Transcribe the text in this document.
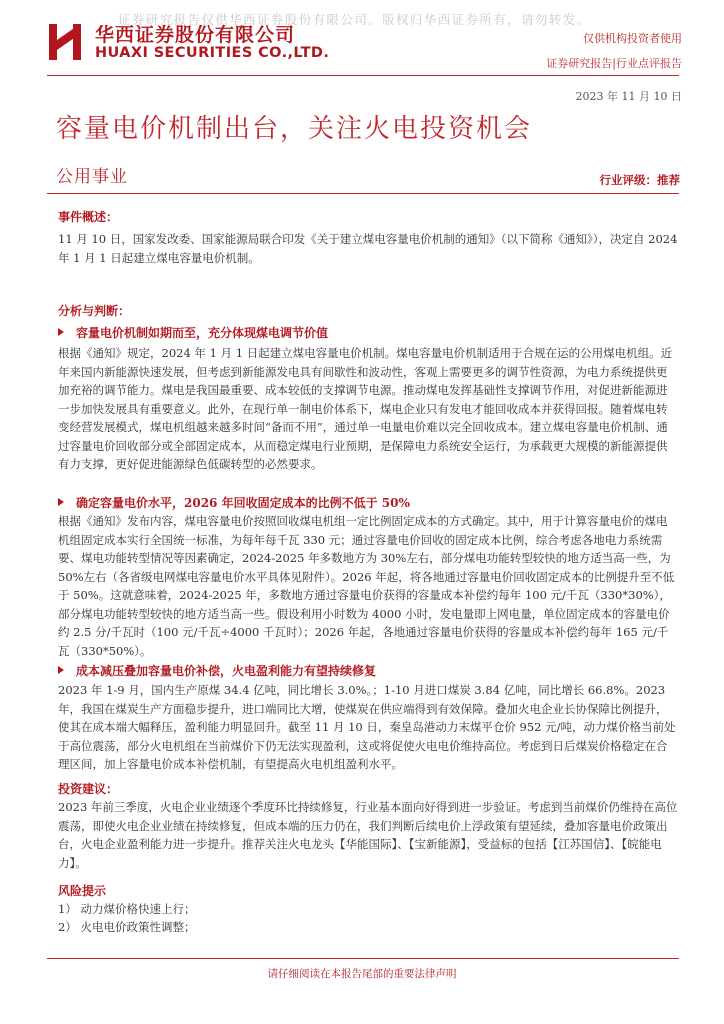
证券研究报告仅供华西证券股份有限公司。版权归华西证券所有，请勿转发。
华西证券股份有限公司
HUAXI SECURITIES CO.,LTD.
仅供机构投资者使用
证券研究报告|行业点评报告
2023 年 11 月 10 日
容量电价机制出台，关注火电投资机会
公用事业	行业评级：推荐
事件概述：
11 月 10 日，国家发改委、国家能源局联合印发《关于建立煤电容量电价机制的通知》（以下简称《通知》），决定自 2024 年 1 月 1 日起建立煤电容量电价机制。
分析与判断：
容量电价机制如期而至，充分体现煤电调节价值
根据《通知》规定，2024 年 1 月 1 日起建立煤电容量电价机制。煤电容量电价机制适用于合规在运的公用煤电机组。近年来国内新能源快速发展，但考虑到新能源发电具有间歇性和波动性，客观上需要更多的调节性资源，为电力系统提供更加充裕的调节能力。煤电是我国最重要、成本较低的支撑调节电源。推动煤电发挥基础性支撑调节作用，对促进新能源进一步加快发展具有重要意义。此外，在现行单一制电价体系下，煤电企业只有发电才能回收成本并获得回报。随着煤电转变经营发展模式，煤电机组越来越多时间“备而不用”，通过单一电量电价难以完全回收成本。建立煤电容量电价机制、通过容量电价回收部分或全部固定成本，从而稳定煤电行业预期，是保障电力系统安全运行，为承载更大规模的新能源提供有力支撑，更好促进能源绿色低碳转型的必然要求。
确定容量电价水平，2026 年回收固定成本的比例不低于 50%
根据《通知》发布内容，煤电容量电价按照回收煤电机组一定比例固定成本的方式确定。其中，用于计算容量电价的煤电机组固定成本实行全国统一标准，为每年每千瓦 330 元；通过容量电价回收的固定成本比例，综合考虑各地电力系统需要、煤电功能转型情况等因素确定，2024-2025 年多数地方为 30%左右，部分煤电功能转型较快的地方适当高一些，为 50%左右（各省级电网煤电容量电价水平具体见附件）。2026 年起，将各地通过容量电价回收固定成本的比例提升至不低于 50%。这就意味着，2024-2025 年，多数地方通过容量电价获得的容量成本补偿约每年 100 元/千瓦（330*30%），部分煤电功能转型较快的地方适当高一些。假设利用小时数为 4000 小时，发电量即上网电量，单位固定成本的容量电价约 2.5 分/千瓦时（100 元/千瓦÷4000 千瓦时）；2026 年起，各地通过容量电价获得的容量成本补偿约每年 165 元/千瓦（330*50%）。
成本减压叠加容量电价补偿，火电盈利能力有望持续修复
2023 年 1-9 月，国内生产原煤 34.4 亿吨，同比增长 3.0%。；1-10 月进口煤炭 3.84 亿吨，同比增长 66.8%。2023 年，我国在煤炭生产方面稳步提升，进口端同比大增，使煤炭在供应端得到有效保障。叠加火电企业长协保障比例提升，使其在成本端大幅释压，盈利能力明显回升。截至 11 月 10 日，秦皇岛港动力末煤平仓价 952 元/吨，动力煤价格当前处于高位震荡，部分火电机组在当前煤价下仍无法实现盈利，这或将促使火电电价维持高位。考虑到日后煤炭价格稳定在合理区间，加上容量电价成本补偿机制，有望提高火电机组盈利水平。
投资建议：
2023 年前三季度，火电企业业绩逐个季度环比持续修复，行业基本面向好得到进一步验证。考虑到当前煤价仍维持在高位震荡，即使火电企业业绩在持续修复，但成本端的压力仍在，我们判断后续电价上浮政策有望延续，叠加容量电价政策出台，火电企业盈利能力进一步提升。推荐关注火电龙头【华能国际】、【宝新能源】，受益标的包括【江苏国信】、【皖能电力】。
风险提示
1） 动力煤价格快速上行；
2） 火电电价政策性调整；
请仔细阅读在本报告尾部的重要法律声明
